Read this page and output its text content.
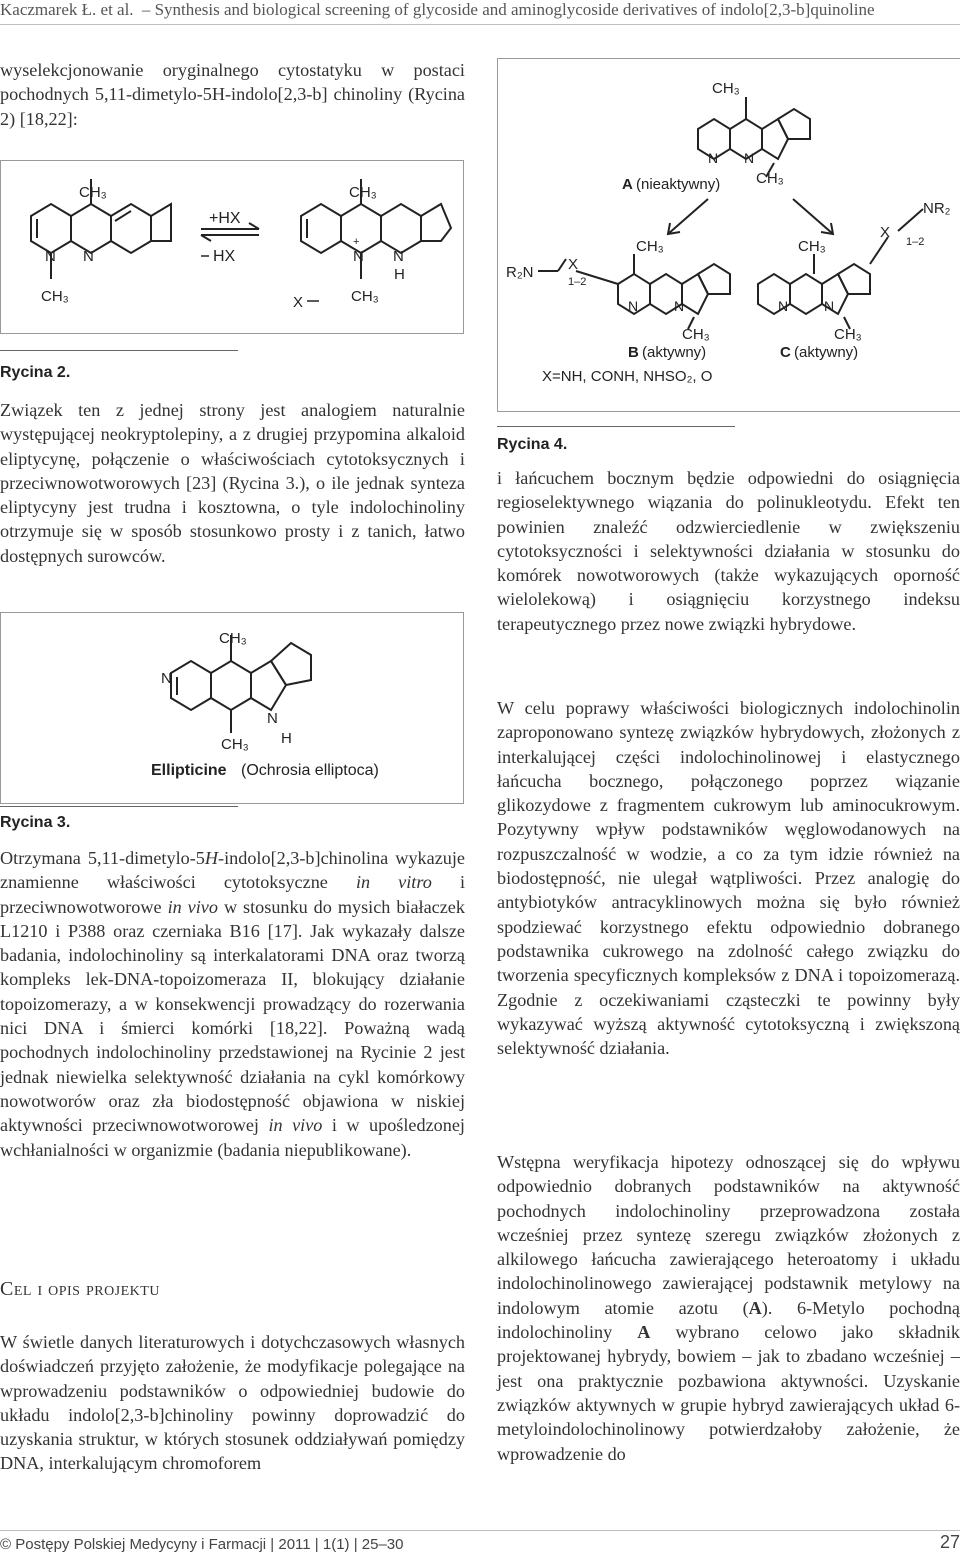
Kaczmarek Ł. et al. – Synthesis and biological screening of glycoside and aminoglycoside derivatives of indolo[2,3-b]quinoline

wyselekcjonowanie oryginalnego cytostatyku w postaci pochodnych 5,11-dimetylo-5H-indolo[2,3-b] chinoliny (Rycina 2) [18,22]:

CH₃
N N
CH₃
+HX
HX
CH₃
+
N N
H
CH₃
X
Rycina 2.

Związek ten z jednej strony jest analogiem naturalnie występującej neokryptolepiny, a z drugiej przypomina alkaloid eliptycynę, połączenie o właściwościach cytotoksycznych i przeciwnowotworowych [23] (Rycina 3.), o ile jednak synteza eliptycyny jest trudna i kosztowna, o tyle indolochinoliny otrzymuje się w sposób stosunkowo prosty i z tanich, łatwo dostępnych surowców.

CH₃
N
N
H
CH₃
Ellipticine (Ochrosia elliptoca)
Rycina 3.

Otrzymana 5,11-dimetylo-5H-indolo[2,3-b]chinolina wykazuje znamienne właściwości cytotoksyczne in vitro i przeciwnowotworowe in vivo w stosunku do mysich białaczek L1210 i P388 oraz czerniaka B16 [17]. Jak wykazały dalsze badania, indolochinoliny są interkalatorami DNA oraz tworzą kompleks lek-DNA-topoizomeraza II, blokujący działanie topoizomerazy, a w konsekwencji prowadzący do rozerwania nici DNA i śmierci komórki [18,22]. Poważną wadą pochodnych indolochinoliny przedstawionej na Rycinie 2 jest jednak niewielka selektywność działania na cykl komórkowy nowotworów oraz zła biodostępność objawiona w niskiej aktywności przeciwnowotworowej in vivo i w upośledzonej wchłanialności w organizmie (badania niepublikowane).

Cel i opis projektu

W świetle danych literaturowych i dotychczasowych własnych doświadczeń przyjęto założenie, że modyfikacje polegające na wprowadzeniu podstawników o odpowiedniej budowie do układu indolo[2,3-b]chinoliny powinny doprowadzić do uzyskania struktur, w których stosunek oddziaływań pomiędzy DNA, interkalującym chromoforem

CH₃
N N
CH₃
A (nieaktywny)
CH₃
R₂N X
1–2
N	N
CH₃
B (aktywny)
X=NH, CONH, NHSO₂, O
CH₃
X
1–2
NR₂
N	N
CH₃
C (aktywny)
Rycina 4.

i łańcuchem bocznym będzie odpowiedni do osiągnięcia regioselektywnego wiązania do polinukleotydu. Efekt ten powinien znaleźć odzwierciedlenie w zwiększeniu cytotoksyczności i selektywności działania w stosunku do komórek nowotworowych (także wykazujących oporność wielolekową) i osiągnięciu korzystnego indeksu terapeutycznego przez nowe związki hybrydowe.

W celu poprawy właściwości biologicznych indolochinolin zaproponowano syntezę związków hybrydowych, złożonych z interkalującej części indolochinolinowej i elastycznego łańcucha bocznego, połączonego poprzez wiązanie glikozydowe z fragmentem cukrowym lub aminocukrowym. Pozytywny wpływ podstawników węglowodanowych na rozpuszczalność w wodzie, a co za tym idzie również na biodostępność, nie ulegał wątpliwości. Przez analogię do antybiotyków antracyklinowych można się było również spodziewać korzystnego efektu odpowiednio dobranego podstawnika cukrowego na zdolność całego związku do tworzenia specyficznych kompleksów z DNA i topoizomerazą. Zgodnie z oczekiwaniami cząsteczki te powinny były wykazywać wyższą aktywność cytotoksyczną i zwiększoną selektywność działania.

Wstępna weryfikacja hipotezy odnoszącej się do wpływu odpowiednio dobranych podstawników na aktywność pochodnych indolochinoliny przeprowadzona została wcześniej przez syntezę szeregu związków złożonych z alkilowego łańcucha zawierającego heteroatomy i układu indolochinolinowego zawierającej podstawnik metylowy na indolowym atomie azotu (A). 6-Metylo pochodną indolochinoliny A wybrano celowo jako składnik projektowanej hybrydy, bowiem – jak to zbadano wcześniej – jest ona praktycznie pozbawiona aktywności. Uzyskanie związków aktywnych w grupie hybryd zawierających układ 6-metyloindolochinolinowy potwierdzałoby założenie, że wprowadzenie do

© Postępy Polskiej Medycyny i Farmacji | 2011 | 1(1) | 25–30	27
